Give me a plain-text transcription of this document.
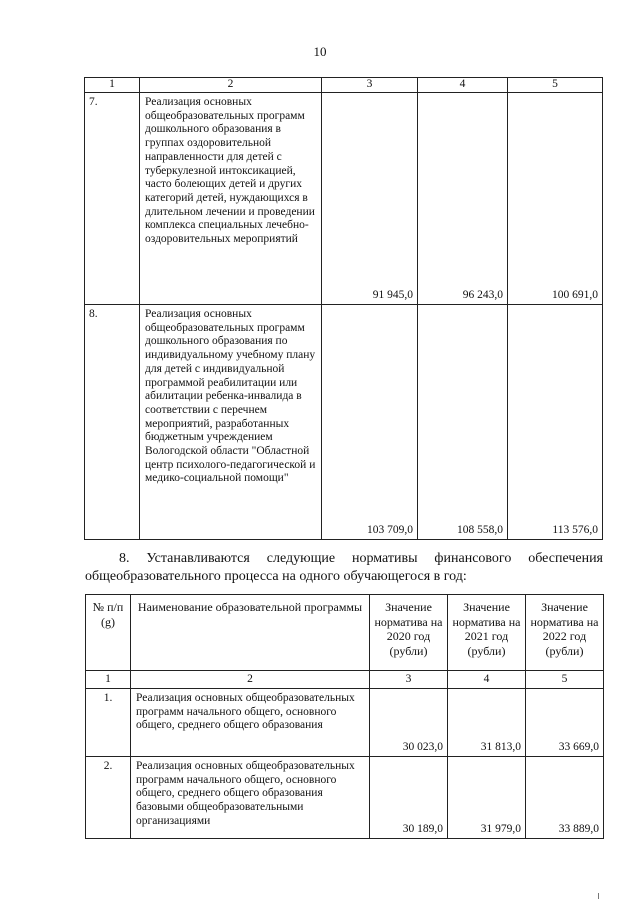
10
1	2	3	4	5
7.	Реализация основных общеобразовательных программ дошкольного образования в группах оздоровительной направленности для детей с туберкулезной интоксикацией, часто болеющих детей и других категорий детей, нуждающихся в длительном лечении и проведении комплекса специальных лечебно-оздоровительных мероприятий	91 945,0	96 243,0	100 691,0
8.	Реализация основных общеобразовательных программ дошкольного образования по индивидуальному учебному плану для детей с индивидуальной программой реабилитации или абилитации ребенка-инвалида в соответствии с перечнем мероприятий, разработанных бюджетным учреждением Вологодской области "Областной центр психолого-педагогической и медико-социальной помощи"	103 709,0	108 558,0	113 576,0
8. Устанавливаются следующие нормативы финансового обеспечения
общеобразовательного процесса на одного обучающегося в год:
№ п/п (g)	Наименование образовательной программы	Значение норматива на 2020 год (рубли)	Значение норматива на 2021 год (рубли)	Значение норматива на 2022 год (рубли)
1	2	3	4	5
1.	Реализация основных общеобразовательных программ начального общего, основного общего, среднего общего образования	30 023,0	31 813,0	33 669,0
2.	Реализация основных общеобразовательных программ начального общего, основного общего, среднего общего образования базовыми общеобразовательными организациями	30 189,0	31 979,0	33 889,0
